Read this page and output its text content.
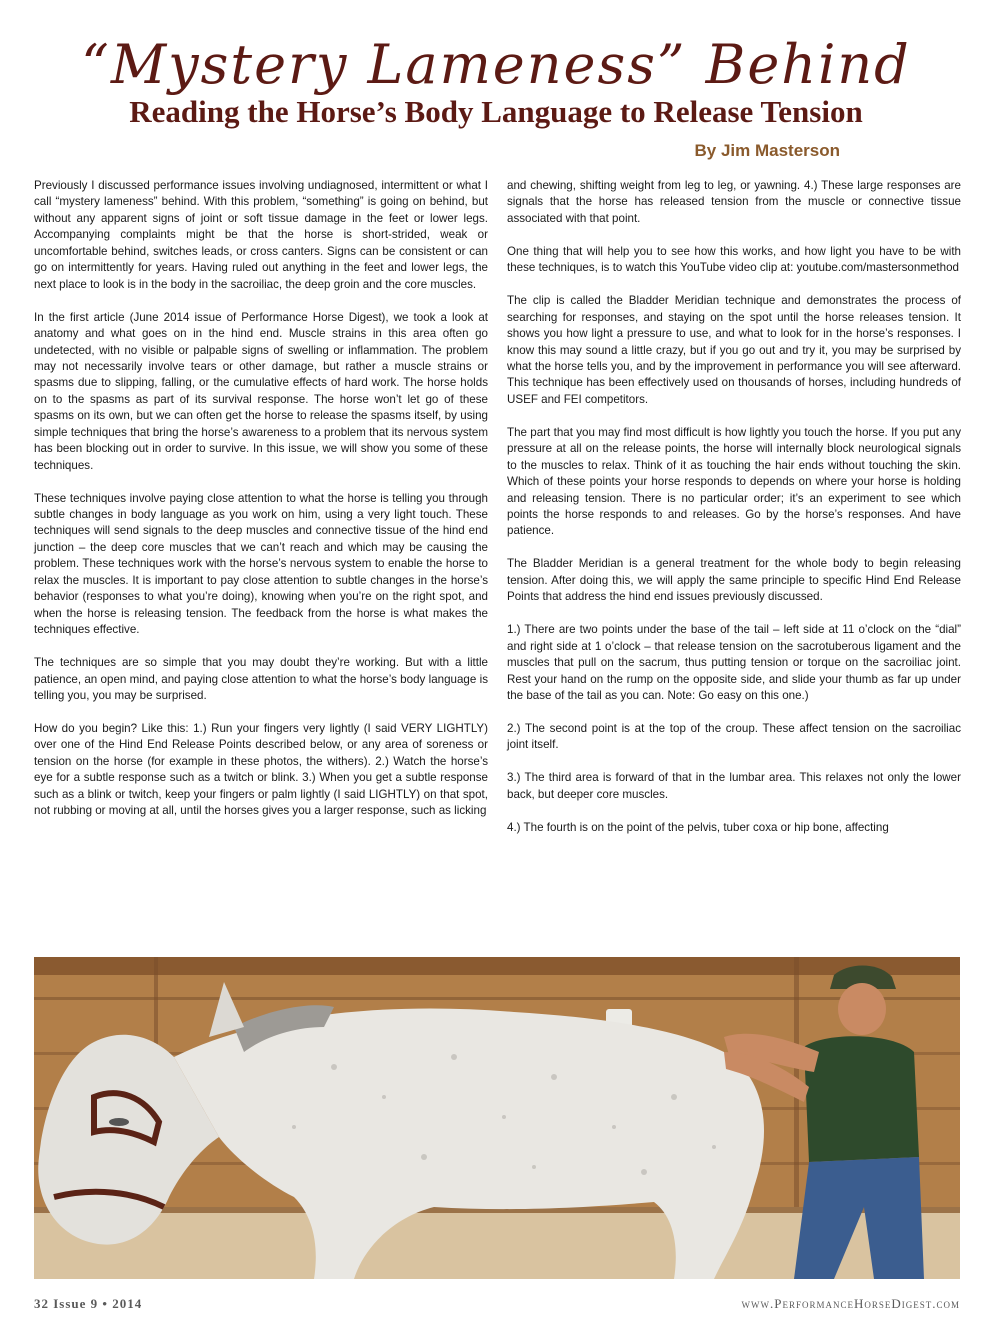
“Mystery Lameness” Behind
Reading the Horse’s Body Language to Release Tension
By Jim Masterson

Previously I discussed performance issues involving undiagnosed, intermittent or what I call “mystery lameness” behind. With this problem, “something” is going on behind, but without any apparent signs of joint or soft tissue damage in the feet or lower legs. Accompanying complaints might be that the horse is short-strided, weak or uncomfortable behind, switches leads, or cross canters. Signs can be consistent or can go on intermittently for years. Having ruled out anything in the feet and lower legs, the next place to look is in the body in the sacroiliac, the deep groin and the core muscles.

In the first article (June 2014 issue of Performance Horse Digest), we took a look at anatomy and what goes on in the hind end. Muscle strains in this area often go undetected, with no visible or palpable signs of swelling or inflammation. The problem may not necessarily involve tears or other damage, but rather a muscle strains or spasms due to slipping, falling, or the cumulative effects of hard work. The horse holds on to the spasms as part of its survival response. The horse won’t let go of these spasms on its own, but we can often get the horse to release the spasms itself, by using simple techniques that bring the horse’s awareness to a problem that its nervous system has been blocking out in order to survive. In this issue, we will show you some of these techniques.

These techniques involve paying close attention to what the horse is telling you through subtle changes in body language as you work on him, using a very light touch. These techniques will send signals to the deep muscles and connective tissue of the hind end junction – the deep core muscles that we can’t reach and which may be causing the problem. These techniques work with the horse’s nervous system to enable the horse to relax the muscles. It is important to pay close attention to subtle changes in the horse’s behavior (responses to what you’re doing), knowing when you’re on the right spot, and when the horse is releasing tension. The feedback from the horse is what makes the techniques effective.

The techniques are so simple that you may doubt they’re working. But with a little patience, an open mind, and paying close attention to what the horse’s body language is telling you, you may be surprised.

How do you begin? Like this: 1.) Run your fingers very lightly (I said VERY LIGHTLY) over one of the Hind End Release Points described below, or any area of soreness or tension on the horse (for example in these photos, the withers). 2.) Watch the horse’s eye for a subtle response such as a twitch or blink. 3.) When you get a subtle response such as a blink or twitch, keep your fingers or palm lightly (I said LIGHTLY) on that spot, not rubbing or moving at all, until the horses gives you a larger response, such as licking

and chewing, shifting weight from leg to leg, or yawning. 4.) These large responses are signals that the horse has released tension from the muscle or connective tissue associated with that point.

One thing that will help you to see how this works, and how light you have to be with these techniques, is to watch this YouTube video clip at: youtube.com/mastersonmethod

The clip is called the Bladder Meridian technique and demonstrates the process of searching for responses, and staying on the spot until the horse releases tension. It shows you how light a pressure to use, and what to look for in the horse’s responses. I know this may sound a little crazy, but if you go out and try it, you may be surprised by what the horse tells you, and by the improvement in performance you will see afterward. This technique has been effectively used on thousands of horses, including hundreds of USEF and FEI competitors.

The part that you may find most difficult is how lightly you touch the horse. If you put any pressure at all on the release points, the horse will internally block neurological signals to the muscles to relax. Think of it as touching the hair ends without touching the skin. Which of these points your horse responds to depends on where your horse is holding and releasing tension. There is no particular order; it’s an experiment to see which points the horse responds to and releases. Go by the horse’s responses. And have patience.

The Bladder Meridian is a general treatment for the whole body to begin releasing tension. After doing this, we will apply the same principle to specific Hind End Release Points that address the hind end issues previously discussed.

1.) There are two points under the base of the tail – left side at 11 o’clock on the “dial” and right side at 1 o’clock – that release tension on the sacrotuberous ligament and the muscles that pull on the sacrum, thus putting tension or torque on the sacroiliac joint. Rest your hand on the rump on the opposite side, and slide your thumb as far up under the base of the tail as you can. Note: Go easy on this one.)

2.) The second point is at the top of the croup. These affect tension on the sacroiliac joint itself.

3.) The third area is forward of that in the lumbar area. This relaxes not only the lower back, but deeper core muscles.

4.) The fourth is on the point of the pelvis, tuber coxa or hip bone, affecting

32 Issue 9 • 2014	www.PerformanceHorseDigest.com
